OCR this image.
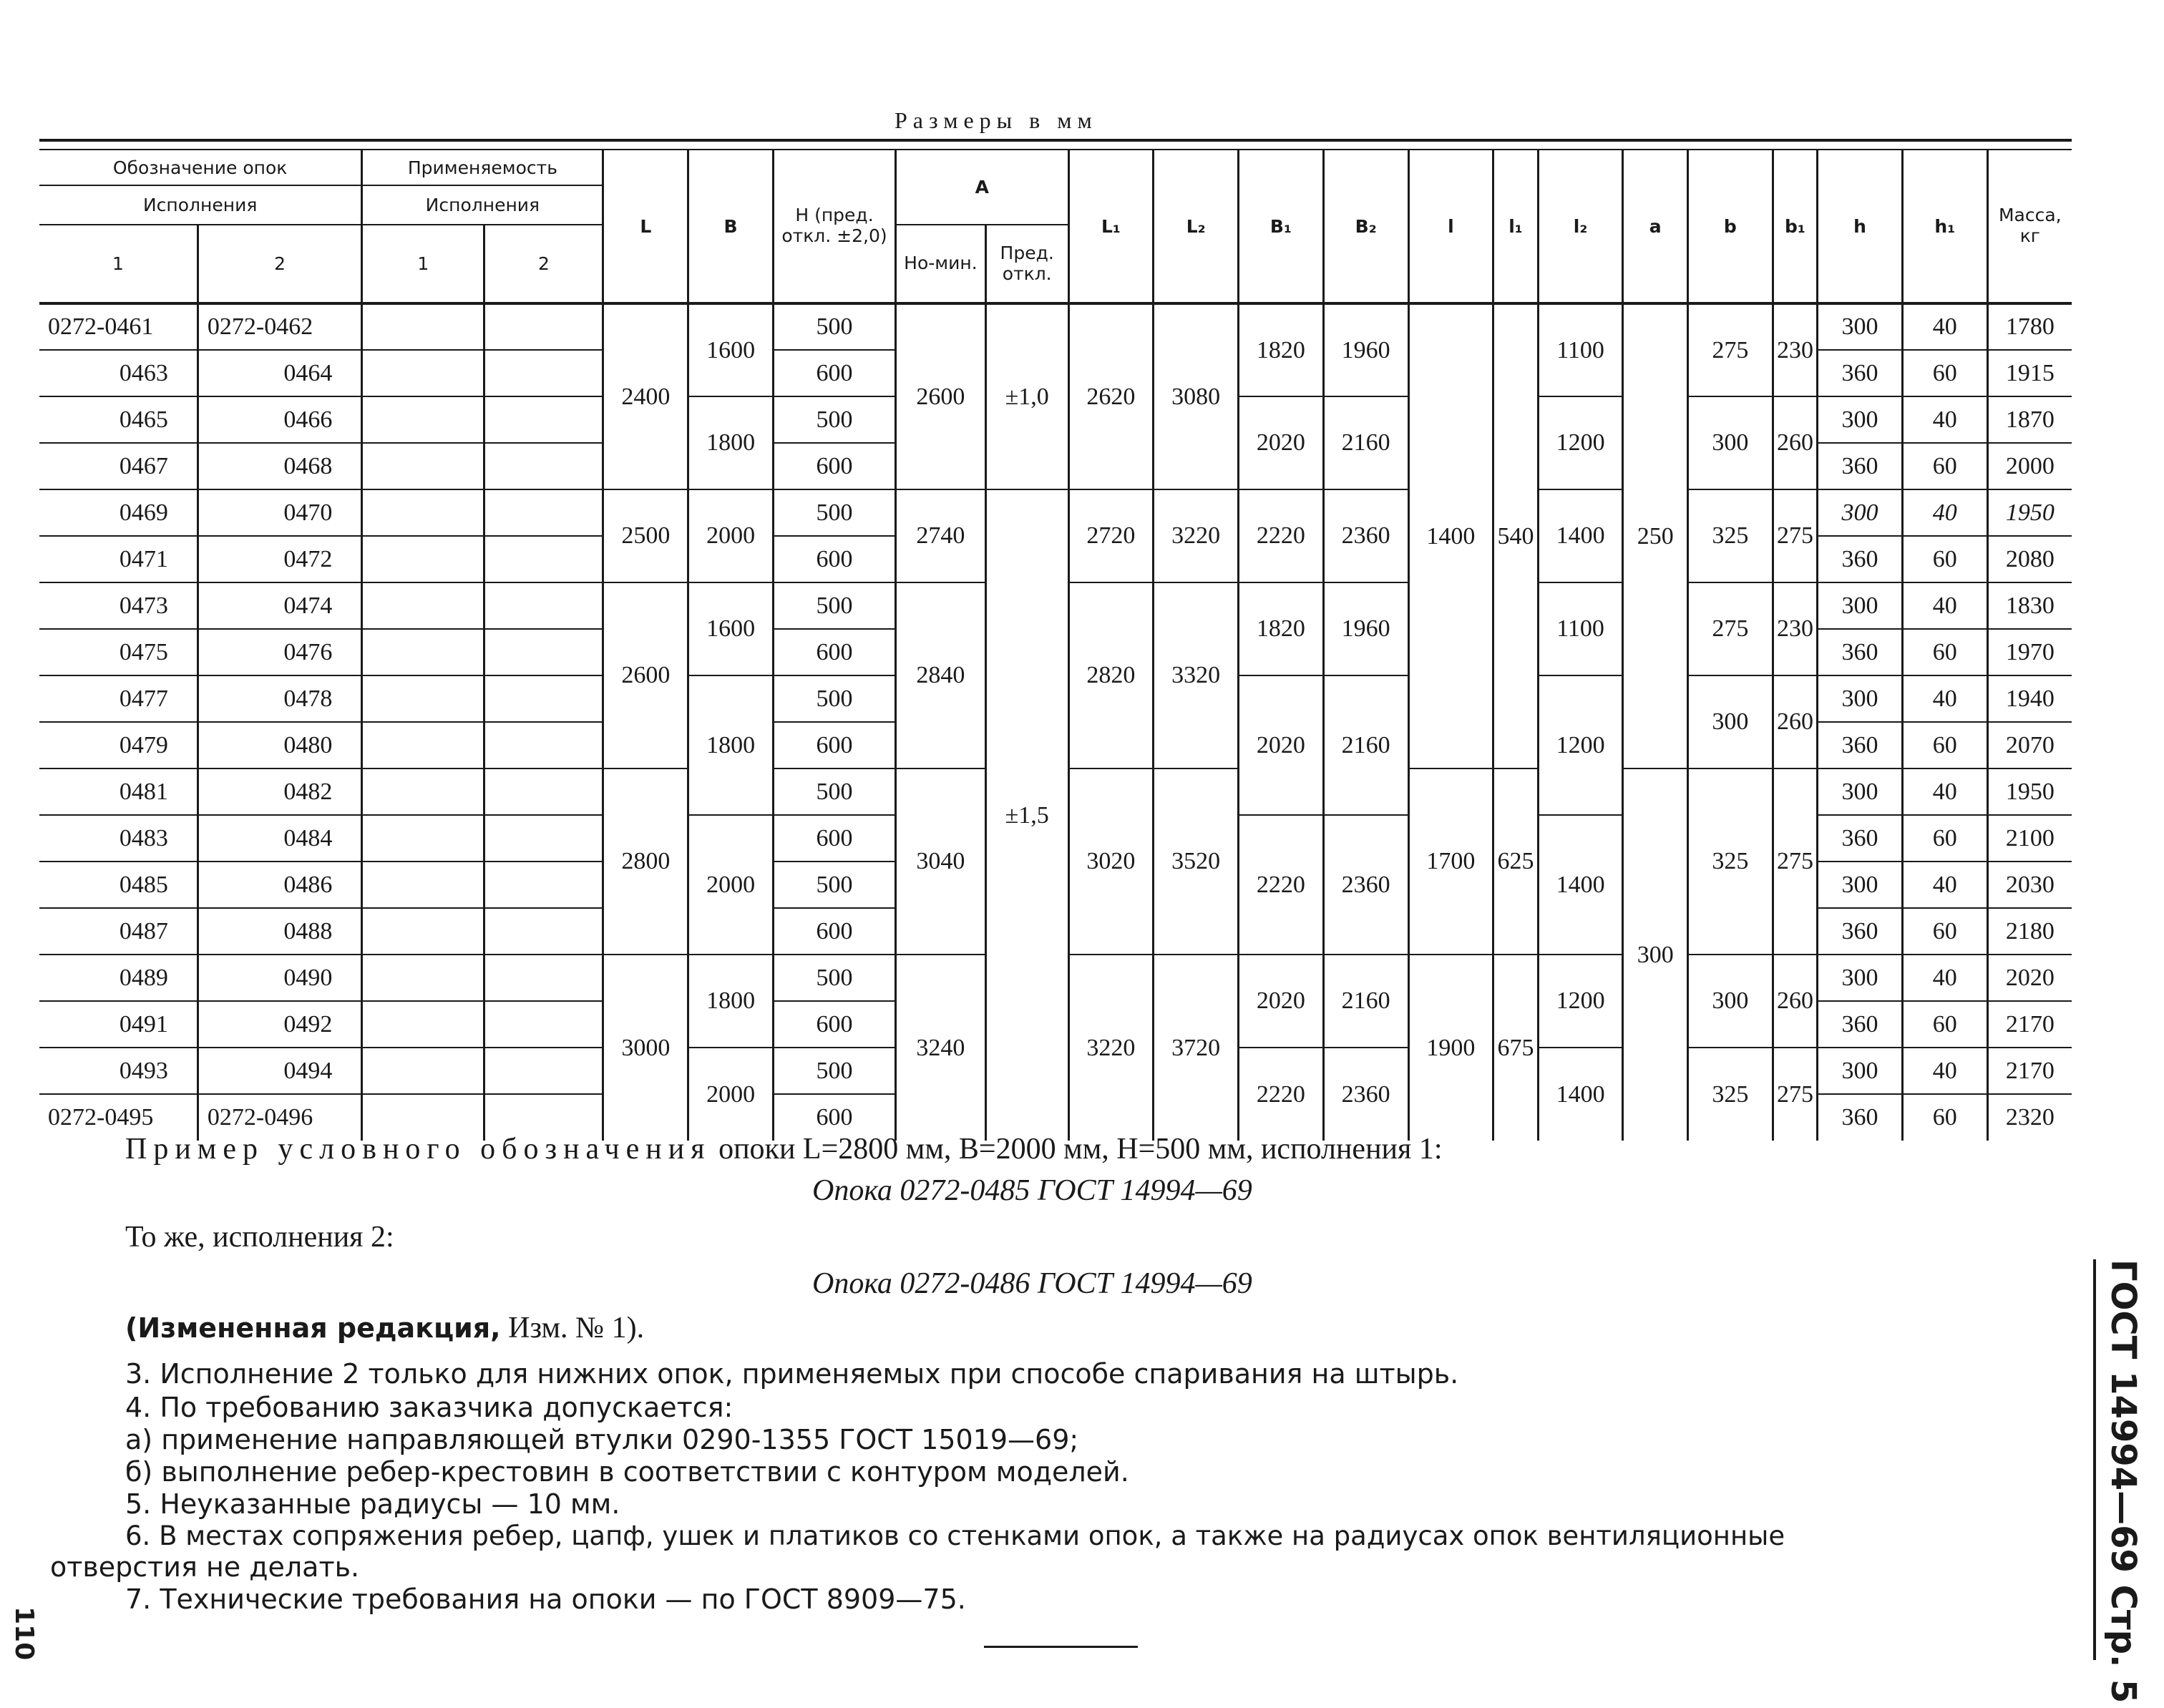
Размеры в мм
Обозначение опок		Применяемость		L	B	H (пред. откл. ±2,0)	A		L₁	L₂	B₁	B₂	l	l₁	l₂	a	b	b₁	h	h₁	Масса, кг
Исполнения		Исполнения																			
1	2	1	2				Но-мин.	Пред. откл.													
0272-0461	0272-0462			2400	1600	500	2600	±1,0	2620	3080	1820	1960	1400	540	1100	250	275	230	300	40	1780
0463	0464					600													360	60	1915
0465	0466				1800	500					2020	2160			1200		300	260	300	40	1870
0467	0468					600													360	60	2000
0469	0470			2500	2000	500	2740	±1,5	2720	3220	2220	2360			1400		325	275	300	40	1950
0471	0472					600													360	60	2080
0473	0474			2600	1600	500	2840		2820	3320	1820	1960			1100		275	230	300	40	1830
0475	0476					600													360	60	1970
0477	0478				1800	500					2020	2160			1200		300	260	300	40	1940
0479	0480					600													360	60	2070
0481	0482			2800		500	3040		3020	3520			1700	625		300	325	275	300	40	1950
0483	0484				2000	600					2220	2360			1400				360	60	2100
0485	0486					500													300	40	2030
0487	0488					600													360	60	2180
0489	0490			3000	1800	500	3240		3220	3720	2020	2160	1900	675	1200		300	260	300	40	2020
0491	0492					600													360	60	2170
0493	0494				2000	500					2220	2360			1400		325	275	300	40	2170
0272-0495	0272-0496					600													360	60	2320
Пример условного обозначения опоки L=2800 мм, B=2000 мм, H=500 мм, исполнения 1:
Опока 0272-0485 ГОСТ 14994—69
То же, исполнения 2:
Опока 0272-0486 ГОСТ 14994—69
(Измененная редакция, Изм. № 1).
3. Исполнение 2 только для нижних опок, применяемых при способе спаривания на штырь.
4. По требованию заказчика допускается:
а) применение направляющей втулки 0290-1355 ГОСТ 15019—69;
б) выполнение ребер-крестовин в соответствии с контуром моделей.
5. Неуказанные радиусы — 10 мм.
6. В местах сопряжения ребер, цапф, ушек и платиков со стенками опок, а также на радиусах опок вентиляционные
отверстия не делать.
7. Технические требования на опоки — по ГОСТ 8909—75.	ГОСТ 14994—69 Стр. 5
110
